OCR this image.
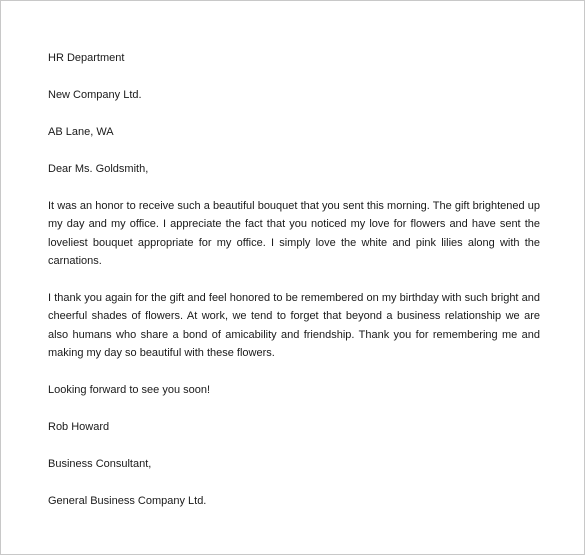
HR Department
New Company Ltd.
AB Lane, WA
Dear Ms. Goldsmith,
It was an honor to receive such a beautiful bouquet that you sent this morning. The gift brightened up my day and my office. I appreciate the fact that you noticed my love for flowers and have sent the loveliest bouquet appropriate for my office. I simply love the white and pink lilies along with the carnations.
I thank you again for the gift and feel honored to be remembered on my birthday with such bright and cheerful shades of flowers. At work, we tend to forget that beyond a business relationship we are also humans who share a bond of amicability and friendship. Thank you for remembering me and making my day so beautiful with these flowers.
Looking forward to see you soon!
Rob Howard
Business Consultant,
General Business Company Ltd.
